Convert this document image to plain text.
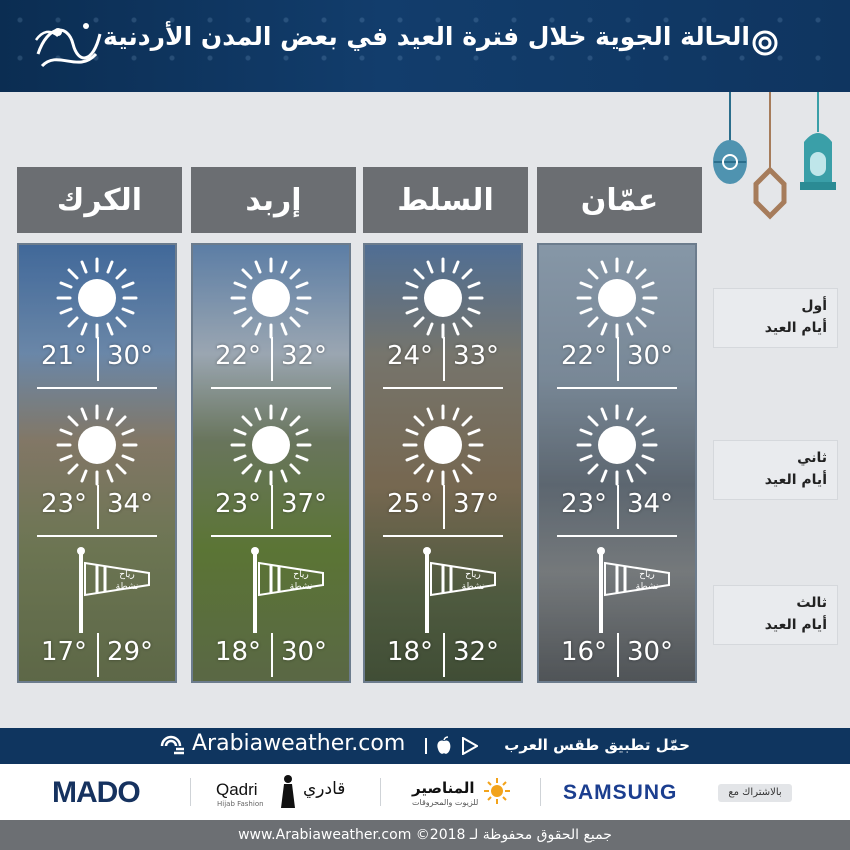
الحالة الجوية خلال فترة العيد في بعض المدن الأردنية
عمّان
السلط
إربد
الكرك
22° 30°
23° 34°
رياح
نشطة
16° 30°
24° 33°
25° 37°
رياح
نشطة
18° 32°
22° 32°
23° 37°
رياح
نشطة
18° 30°
21° 30°
23° 34°
رياح
نشطة
17° 29°
أول
أيام العيد
ثاني
أيام العيد
ثالث
أيام العيد
Arabiaweather.com	حمّل تطبيق طقس العرب
بالاشتراك مع
SAMSUNG
المناصير
للزيوت والمحروقات
قادري
Qadri
Hijab Fashion
MADO
www.Arabiaweather.com ©2018 جميع الحقوق محفوظة لـ
